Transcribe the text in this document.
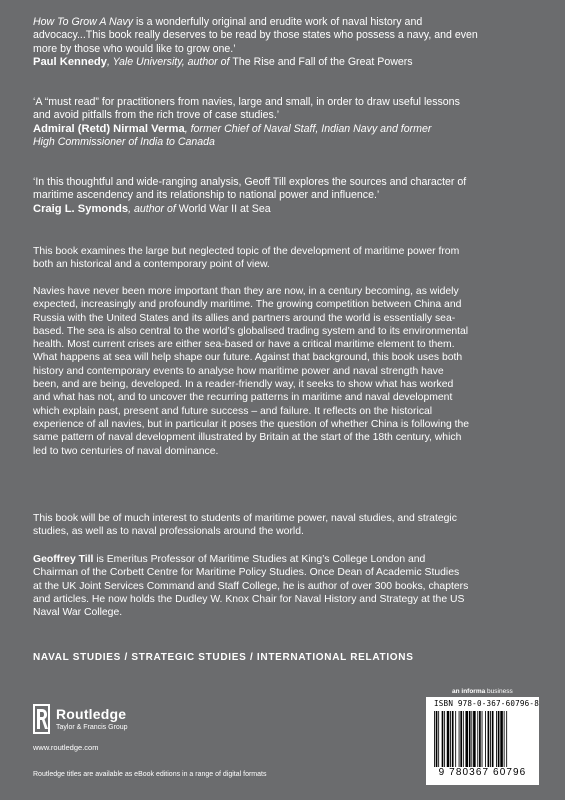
How To Grow A Navy is a wonderfully original and erudite work of naval history and
advocacy...This book really deserves to be read by those states who possess a navy, and even
more by those who would like to grow one.’

Paul Kennedy, Yale University, author of The Rise and Fall of the Great Powers

‘A “must read” for practitioners from navies, large and small, in order to draw useful lessons
and avoid pitfalls from the rich trove of case studies.’

Admiral (Retd) Nirmal Verma, former Chief of Naval Staff, Indian Navy and former

High Commissioner of India to Canada

‘In this thoughtful and wide-ranging analysis, Geoff Till explores the sources and character of
maritime ascendency and its relationship to national power and influence.’

Craig L. Symonds, author of World War II at Sea

This book examines the large but neglected topic of the development of maritime power from
both an historical and a contemporary point of view.

Navies have never been more important than they are now, in a century becoming, as widely
expected, increasingly and profoundly maritime. The growing competition between China and
Russia with the United States and its allies and partners around the world is essentially sea-
based. The sea is also central to the world’s globalised trading system and to its environmental
health. Most current crises are either sea-based or have a critical maritime element to them.
What happens at sea will help shape our future. Against that background, this book uses both
history and contemporary events to analyse how maritime power and naval strength have
been, and are being, developed. In a reader-friendly way, it seeks to show what has worked
and what has not, and to uncover the recurring patterns in maritime and naval development
which explain past, present and future success – and failure. It reflects on the historical
experience of all navies, but in particular it poses the question of whether China is following the
same pattern of naval development illustrated by Britain at the start of the 18th century, which
led to two centuries of naval dominance.

This book will be of much interest to students of maritime power, naval studies, and strategic
studies, as well as to naval professionals around the world.

Geoffrey Till is Emeritus Professor of Maritime Studies at King’s College London and
Chairman of the Corbett Centre for Maritime Policy Studies. Once Dean of Academic Studies
at the UK Joint Services Command and Staff College, he is author of over 300 books, chapters
and articles. He now holds the Dudley W. Knox Chair for Naval History and Strategy at the US
Naval War College.

NAVAL STUDIES / STRATEGIC STUDIES / INTERNATIONAL RELATIONS
Routledge
Taylor & Francis Group
www.routledge.com
Routledge titles are available as eBook editions in a range of digital formats
an informa business
ISBN 978-0-367-60796-8
9 780367 60796
